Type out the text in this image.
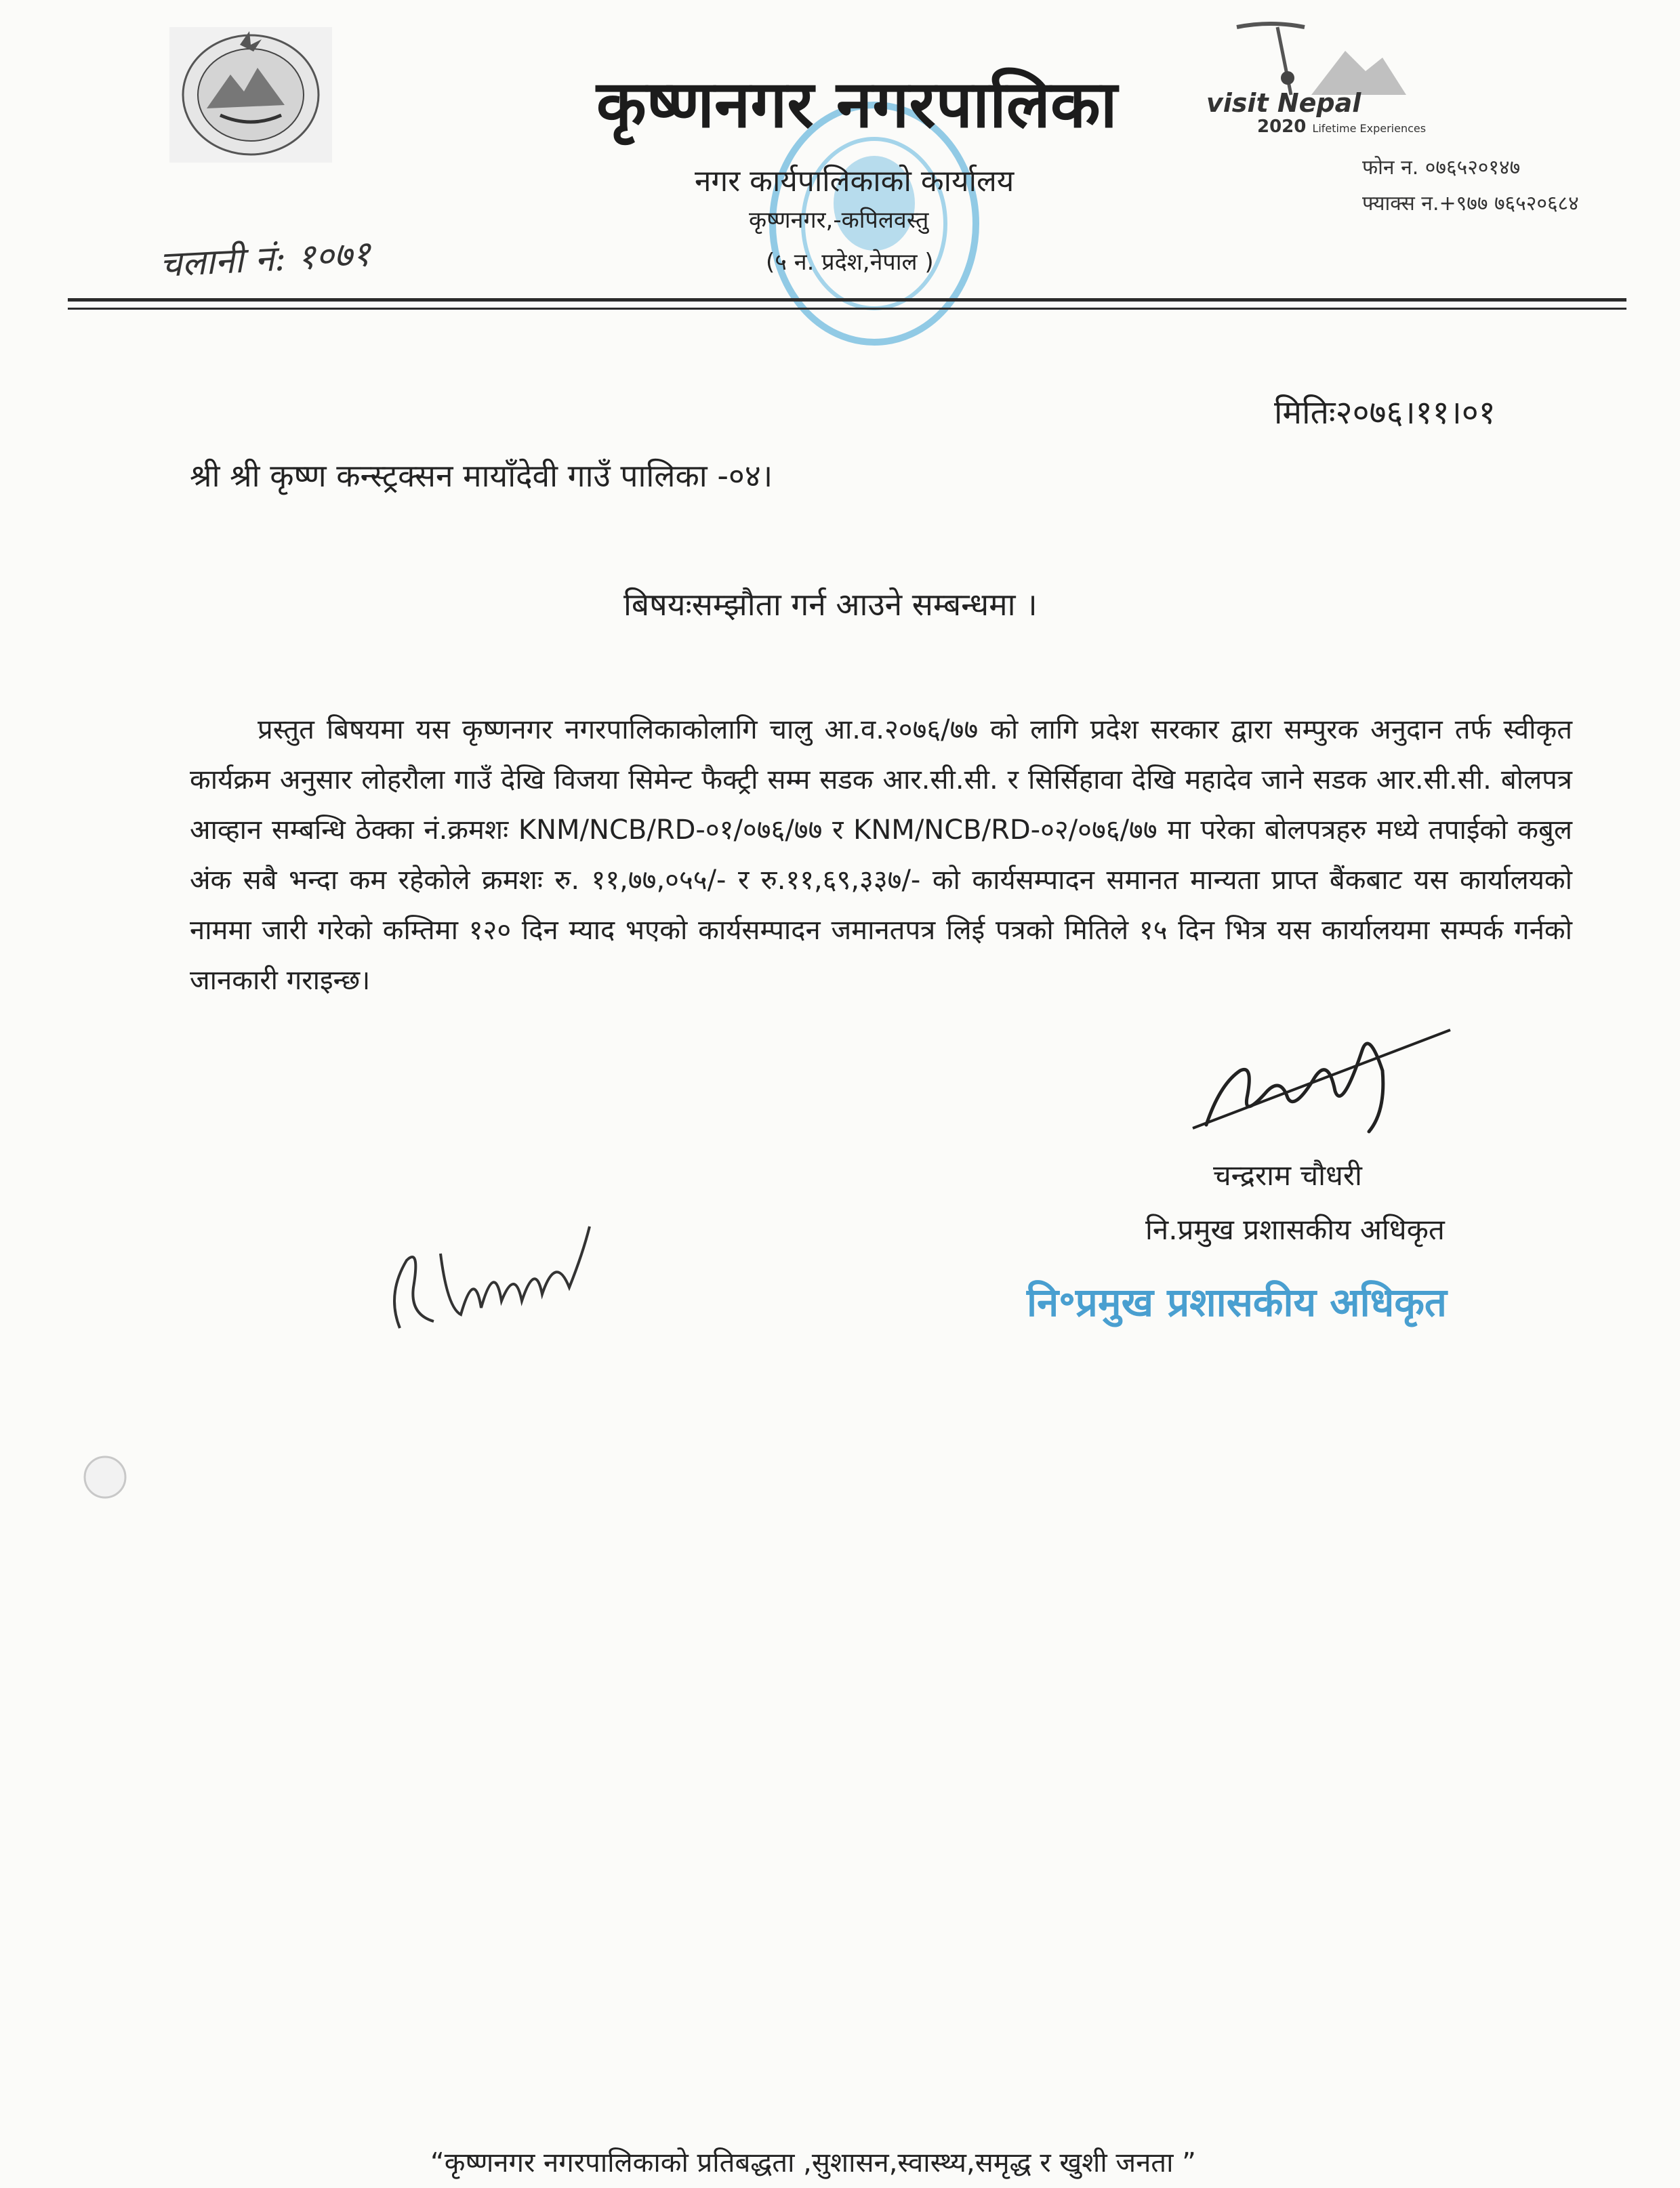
कृष्णनगर नगरपालिका
नगर कार्यपालिकाको कार्यालय
कृष्णनगर,-कपिलवस्तु
(५ न. प्रदेश,नेपाल )
visit Nepal
2020 Lifetime Experiences
फोन न. ०७६५२०१४७
फ्याक्स न.+९७७ ७६५२०६८४
चलानी नं: १०७१
मितिः२०७६।११।०१
श्री श्री कृष्ण कन्स्ट्रक्सन मायाँदेवी गाउँ पालिका -०४।
बिषयःसम्झौता गर्न आउने सम्बन्धमा ।
प्रस्तुत बिषयमा यस कृष्णनगर नगरपालिकाकोलागि चालु आ.व.२०७६/७७ को लागि प्रदेश सरकार द्वारा सम्पुरक अनुदान तर्फ स्वीकृत कार्यक्रम अनुसार लोहरौला गाउँ देखि विजया सिमेन्ट फैक्ट्री सम्म सडक आर.सी.सी. र सिर्सिहावा देखि महादेव जाने सडक आर.सी.सी. बोलपत्र आव्हान सम्बन्धि ठेक्का नं.क्रमशः KNM/NCB/RD-०१/०७६/७७ र KNM/NCB/RD-०२/०७६/७७ मा परेका बोलपत्रहरु मध्ये तपाईको कबुल अंक सबै भन्दा कम रहेकोले क्रमशः रु. ११,७७,०५५/- र रु.११,६९,३३७/- को कार्यसम्पादन समानत मान्यता प्राप्त बैंकबाट यस कार्यालयको नाममा जारी गरेको कम्तिमा १२० दिन म्याद भएको कार्यसम्पादन जमानतपत्र लिई पत्रको मितिले १५ दिन भित्र यस कार्यालयमा सम्पर्क गर्नको जानकारी गराइन्छ।
चन्द्रराम चौधरी
नि.प्रमुख प्रशासकीय अधिकृत
नि॰प्रमुख प्रशासकीय अधिकृत
“कृष्णनगर नगरपालिकाको प्रतिबद्धता ,सुशासन,स्वास्थ्य,समृद्ध र खुशी जनता ”
